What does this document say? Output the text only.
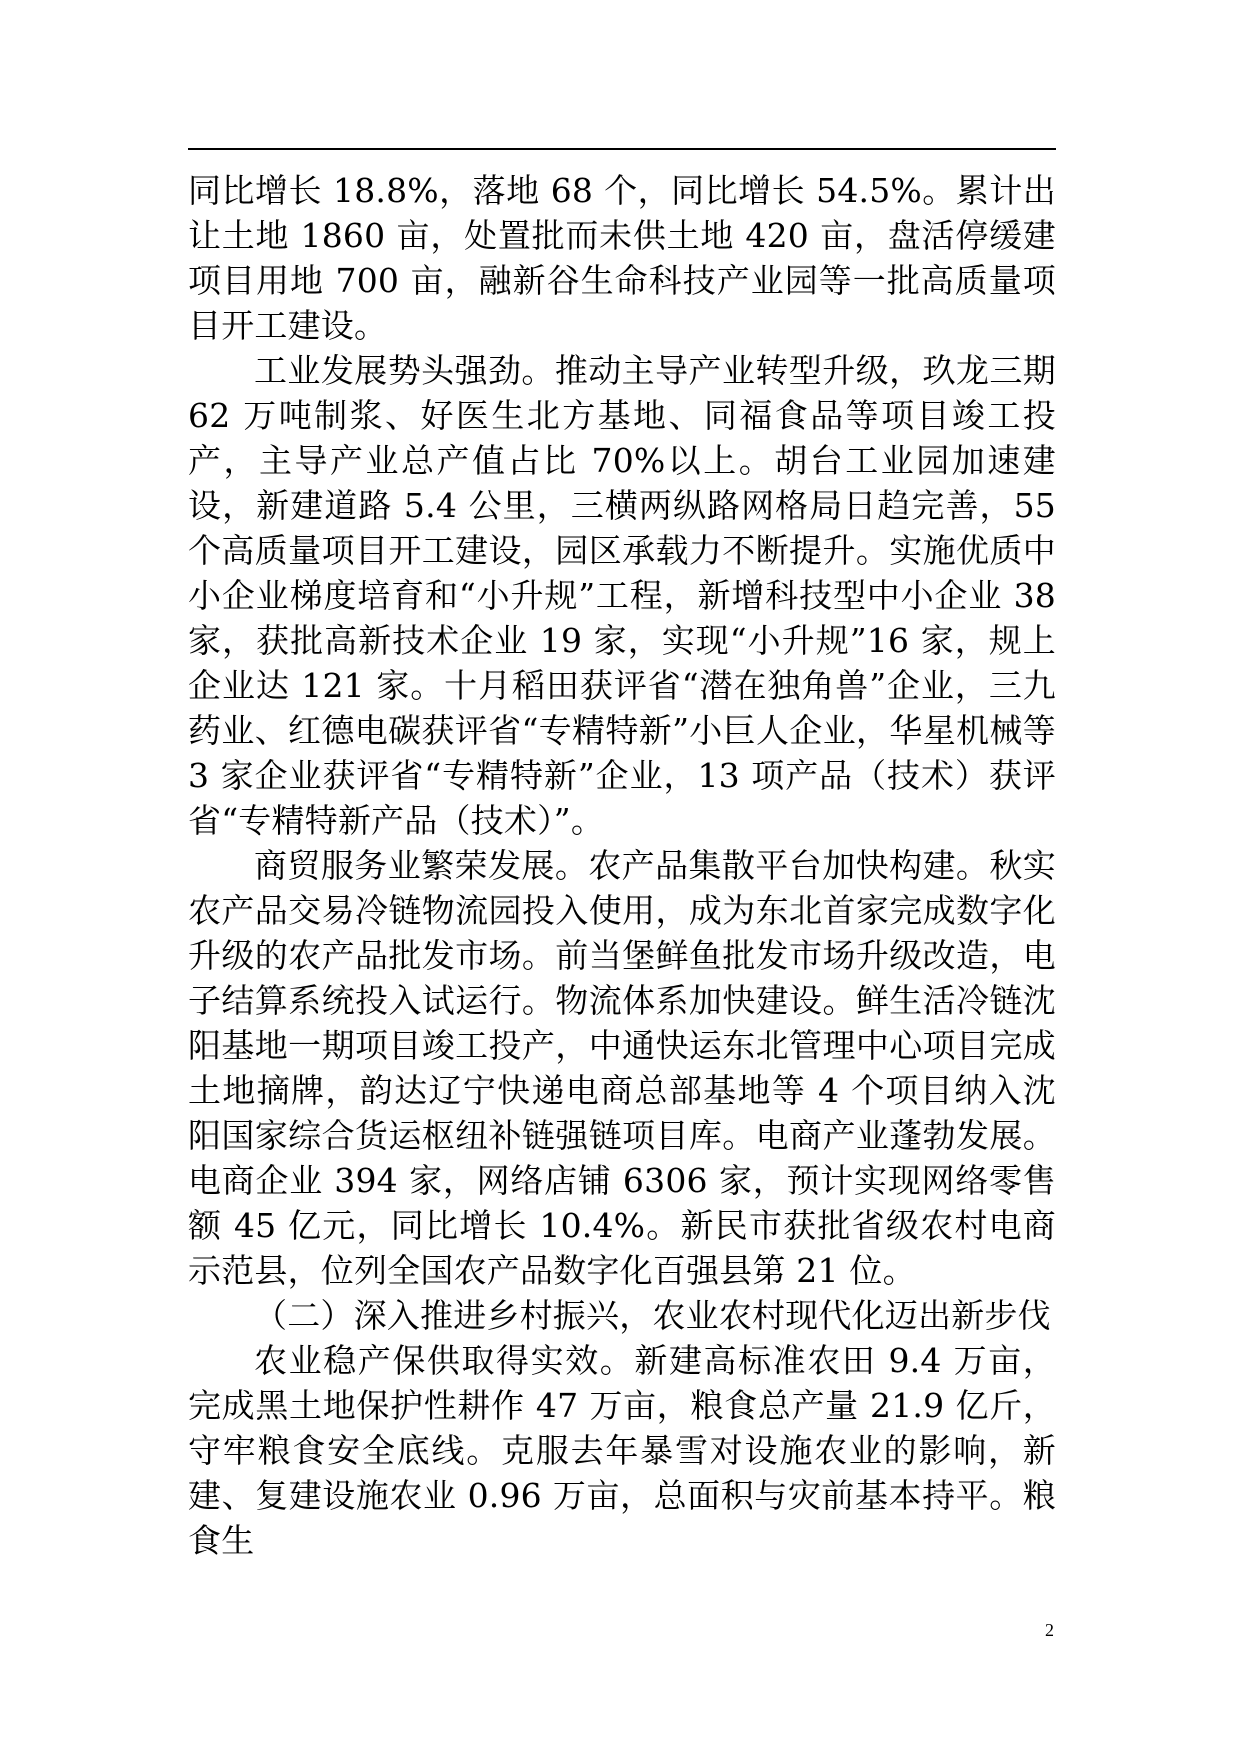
同比增长 18.8%，落地 68 个，同比增长 54.5%。累计出让土地 1860 亩，处置批而未供土地 420 亩，盘活停缓建项目用地 700 亩，融新谷生命科技产业园等一批高质量项目开工建设。

工业发展势头强劲。推动主导产业转型升级，玖龙三期 62 万吨制浆、好医生北方基地、同福食品等项目竣工投产，主导产业总产值占比 70%以上。胡台工业园加速建设，新建道路 5.4 公里，三横两纵路网格局日趋完善，55 个高质量项目开工建设，园区承载力不断提升。实施优质中小企业梯度培育和“小升规”工程，新增科技型中小企业 38 家，获批高新技术企业 19 家，实现“小升规”16 家，规上企业达 121 家。十月稻田获评省“潜在独角兽”企业，三九药业、红德电碳获评省“专精特新”小巨人企业，华星机械等 3 家企业获评省“专精特新”企业，13 项产品（技术）获评省“专精特新产品（技术）”。

商贸服务业繁荣发展。农产品集散平台加快构建。秋实农产品交易冷链物流园投入使用，成为东北首家完成数字化升级的农产品批发市场。前当堡鲜鱼批发市场升级改造，电子结算系统投入试运行。物流体系加快建设。鲜生活冷链沈阳基地一期项目竣工投产，中通快运东北管理中心项目完成土地摘牌，韵达辽宁快递电商总部基地等 4 个项目纳入沈阳国家综合货运枢纽补链强链项目库。电商产业蓬勃发展。电商企业 394 家，网络店铺 6306 家，预计实现网络零售额 45 亿元，同比增长 10.4%。新民市获批省级农村电商示范县，位列全国农产品数字化百强县第 21 位。

（二）深入推进乡村振兴，农业农村现代化迈出新步伐

农业稳产保供取得实效。新建高标准农田 9.4 万亩，完成黑土地保护性耕作 47 万亩，粮食总产量 21.9 亿斤，守牢粮食安全底线。克服去年暴雪对设施农业的影响，新建、复建设施农业 0.96 万亩，总面积与灾前基本持平。粮食生

2
